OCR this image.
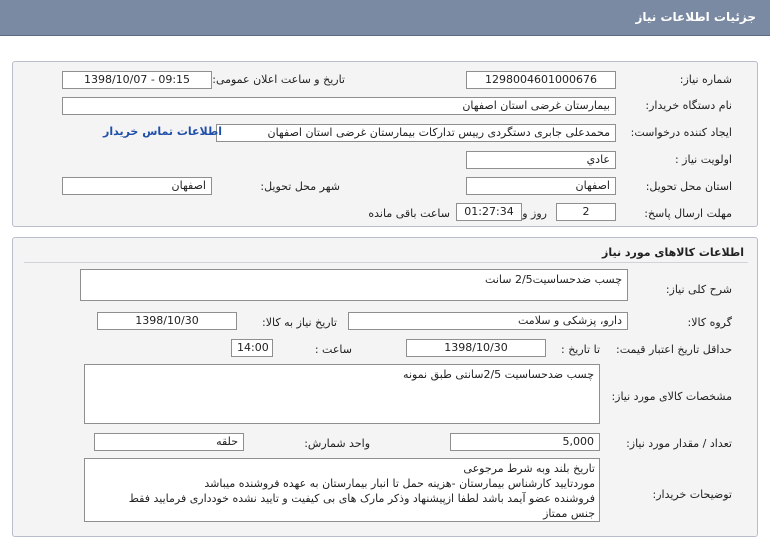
جزئیات اطلاعات نیاز
شماره نیاز:
1298004601000676
تاریخ و ساعت اعلان عمومی:
1398/10/07 - 09:15
نام دستگاه خریدار:
بیمارستان غرضی استان اصفهان
ایجاد کننده درخواست:
محمدعلی جابری دستگردی رییس تدارکات بیمارستان غرضی استان اصفهان
اطلاعات تماس خریدار
اولویت نیاز :
عادي
استان محل تحویل:
اصفهان
شهر محل تحویل:
اصفهان
مهلت ارسال پاسخ:
2
روز و
01:27:34
ساعت باقی مانده
اطلاعات کالاهای مورد نیاز
شرح کلی نیاز:
چسب ضدحساسیت2/5 سانت
گروه کالا:
دارو، پزشکی و سلامت
تاریخ نیاز به کالا:
1398/10/30
حداقل تاریخ اعتبار قیمت:
تا تاریخ :
1398/10/30
ساعت :
14:00
مشخصات کالای مورد نیاز:
چسب ضدحساسیت 2/5سانتی طبق نمونه
تعداد / مقدار مورد نیاز:
5,000
واحد شمارش:
حلقه
توضیحات خریدار:
تاریخ بلند وبه شرط مرجوعی
موردتایید کارشناس بیمارستان -هزینه حمل تا انبار بیمارستان به عهده فروشنده میباشد
فروشنده عضو آیمد باشد لطفا ازپیشنهاد وذکر مارک های بی کیفیت و تایید نشده خودداری فرمایید فقط
جنس ممتاز
